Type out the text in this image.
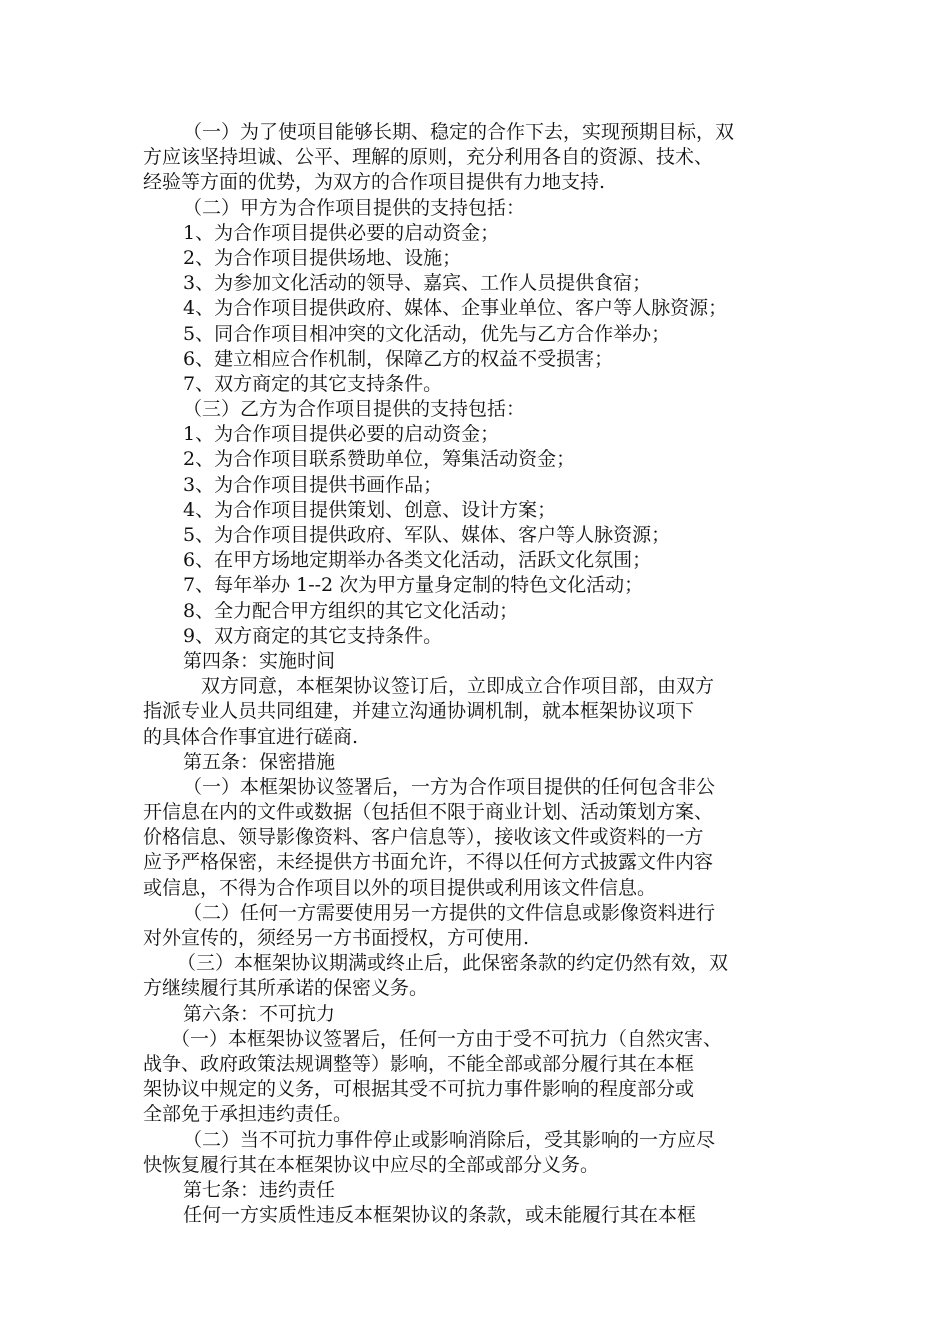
（一）为了使项目能够长期、稳定的合作下去，实现预期目标，双
方应该坚持坦诚、公平、理解的原则，充分利用各自的资源、技术、
经验等方面的优势，为双方的合作项目提供有力地支持.
（二）甲方为合作项目提供的支持包括：
1、为合作项目提供必要的启动资金；
2、为合作项目提供场地、设施；
3、为参加文化活动的领导、嘉宾、工作人员提供食宿；
4、为合作项目提供政府、媒体、企事业单位、客户等人脉资源；
5、同合作项目相冲突的文化活动，优先与乙方合作举办；
6、建立相应合作机制，保障乙方的权益不受损害；
7、双方商定的其它支持条件。
（三）乙方为合作项目提供的支持包括：
1、为合作项目提供必要的启动资金；
2、为合作项目联系赞助单位，筹集活动资金；
3、为合作项目提供书画作品；
4、为合作项目提供策划、创意、设计方案；
5、为合作项目提供政府、军队、媒体、客户等人脉资源；
6、在甲方场地定期举办各类文化活动，活跃文化氛围；
7、每年举办 1--2 次为甲方量身定制的特色文化活动；
8、全力配合甲方组织的其它文化活动；
9、双方商定的其它支持条件。
第四条：实施时间
双方同意，本框架协议签订后，立即成立合作项目部，由双方
指派专业人员共同组建，并建立沟通协调机制，就本框架协议项下
的具体合作事宜进行磋商.
第五条：保密措施
（一）本框架协议签署后，一方为合作项目提供的任何包含非公
开信息在内的文件或数据（包括但不限于商业计划、活动策划方案、
价格信息、领导影像资料、客户信息等），接收该文件或资料的一方
应予严格保密，未经提供方书面允许，不得以任何方式披露文件内容
或信息，不得为合作项目以外的项目提供或利用该文件信息。
（二）任何一方需要使用另一方提供的文件信息或影像资料进行
对外宣传的，须经另一方书面授权，方可使用.
（三）本框架协议期满或终止后，此保密条款的约定仍然有效，双
方继续履行其所承诺的保密义务。
第六条：不可抗力
（一）本框架协议签署后，任何一方由于受不可抗力（自然灾害、
战争、政府政策法规调整等）影响，不能全部或部分履行其在本框
架协议中规定的义务，可根据其受不可抗力事件影响的程度部分或
全部免于承担违约责任。
（二）当不可抗力事件停止或影响消除后，受其影响的一方应尽
快恢复履行其在本框架协议中应尽的全部或部分义务。
第七条：违约责任
任何一方实质性违反本框架协议的条款，或未能履行其在本框
